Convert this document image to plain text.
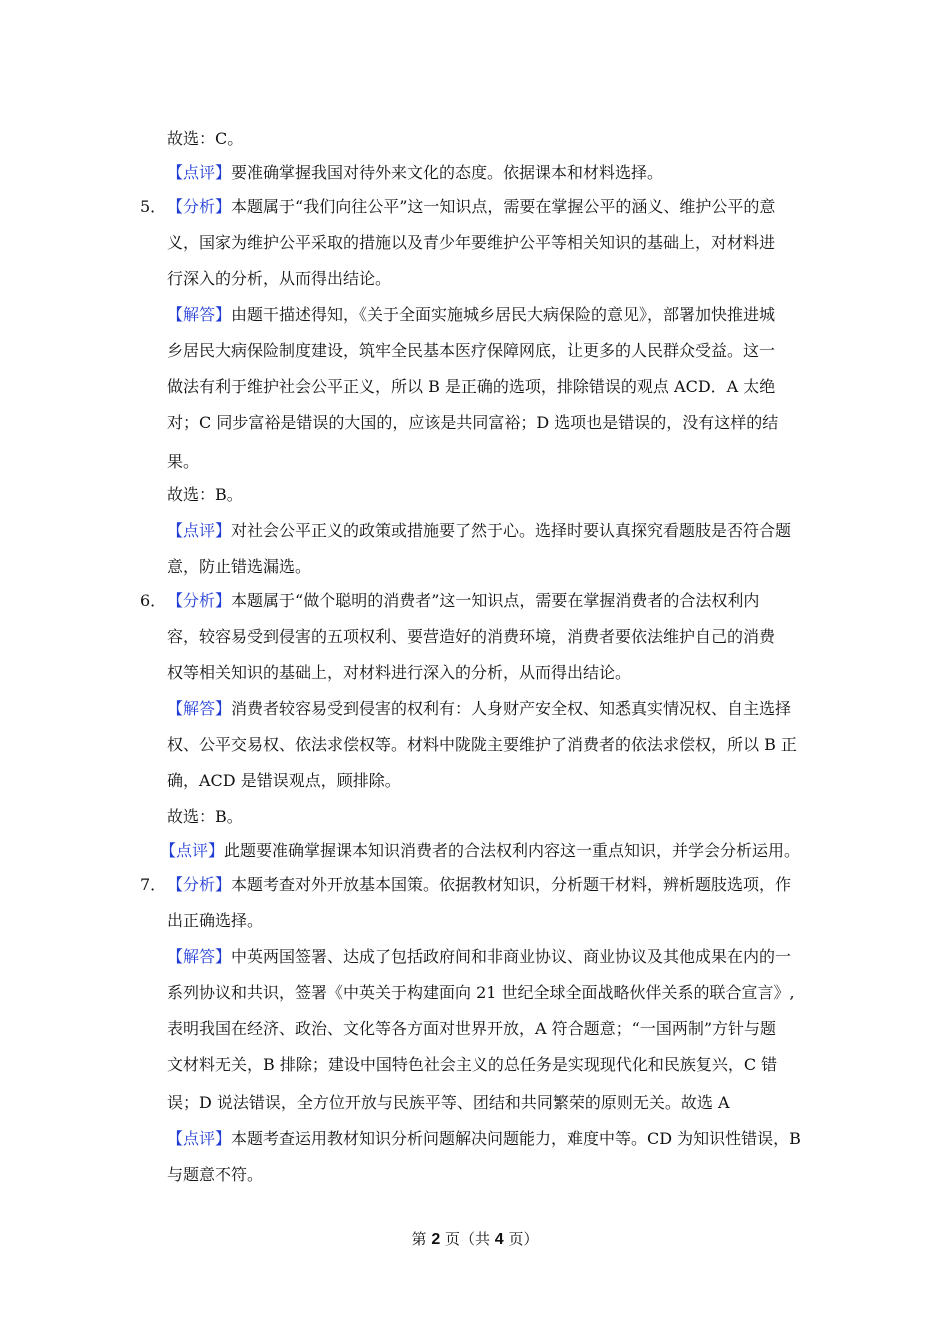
故选：C。
【点评】要准确掌握我国对待外来文化的态度。依据课本和材料选择。
5． 【分析】本题属于“我们向往公平”这一知识点，需要在掌握公平的涵义、维护公平的意
义，国家为维护公平采取的措施以及青少年要维护公平等相关知识的基础上，对材料进
行深入的分析，从而得出结论。
【解答】由题干描述得知，《关于全面实施城乡居民大病保险的意见》，部署加快推进城
乡居民大病保险制度建设，筑牢全民基本医疗保障网底，让更多的人民群众受益。这一
做法有利于维护社会公平正义，所以 B 是正确的选项，排除错误的观点 ACD．A 太绝
对；C 同步富裕是错误的大国的，应该是共同富裕；D 选项也是错误的，没有这样的结
果。
故选：B。
【点评】对社会公平正义的政策或措施要了然于心。选择时要认真探究看题肢是否符合题
意，防止错选漏选。
6． 【分析】本题属于“做个聪明的消费者”这一知识点，需要在掌握消费者的合法权利内
容，较容易受到侵害的五项权利、要营造好的消费环境，消费者要依法维护自己的消费
权等相关知识的基础上，对材料进行深入的分析，从而得出结论。
【解答】消费者较容易受到侵害的权利有：人身财产安全权、知悉真实情况权、自主选择
权、公平交易权、依法求偿权等。材料中陇陇主要维护了消费者的依法求偿权，所以 B 正
确，ACD 是错误观点，顾排除。
故选：B。
【点评】此题要准确掌握课本知识消费者的合法权利内容这一重点知识，并学会分析运用。
7． 【分析】本题考查对外开放基本国策。依据教材知识，分析题干材料，辨析题肢选项，作
出正确选择。
【解答】中英两国签署、达成了包括政府间和非商业协议、商业协议及其他成果在内的一
系列协议和共识，签署《中英关于构建面向 21 世纪全球全面战略伙伴关系的联合宣言》,
表明我国在经济、政治、文化等各方面对世界开放，A 符合题意；“一国两制”方针与题
文材料无关，B 排除；建设中国特色社会主义的总任务是实现现代化和民族复兴，C 错
误；D 说法错误，全方位开放与民族平等、团结和共同繁荣的原则无关。故选 A
【点评】本题考查运用教材知识分析问题解决问题能力，难度中等。CD 为知识性错误，B
与题意不符。
第 2 页（共 4 页）
